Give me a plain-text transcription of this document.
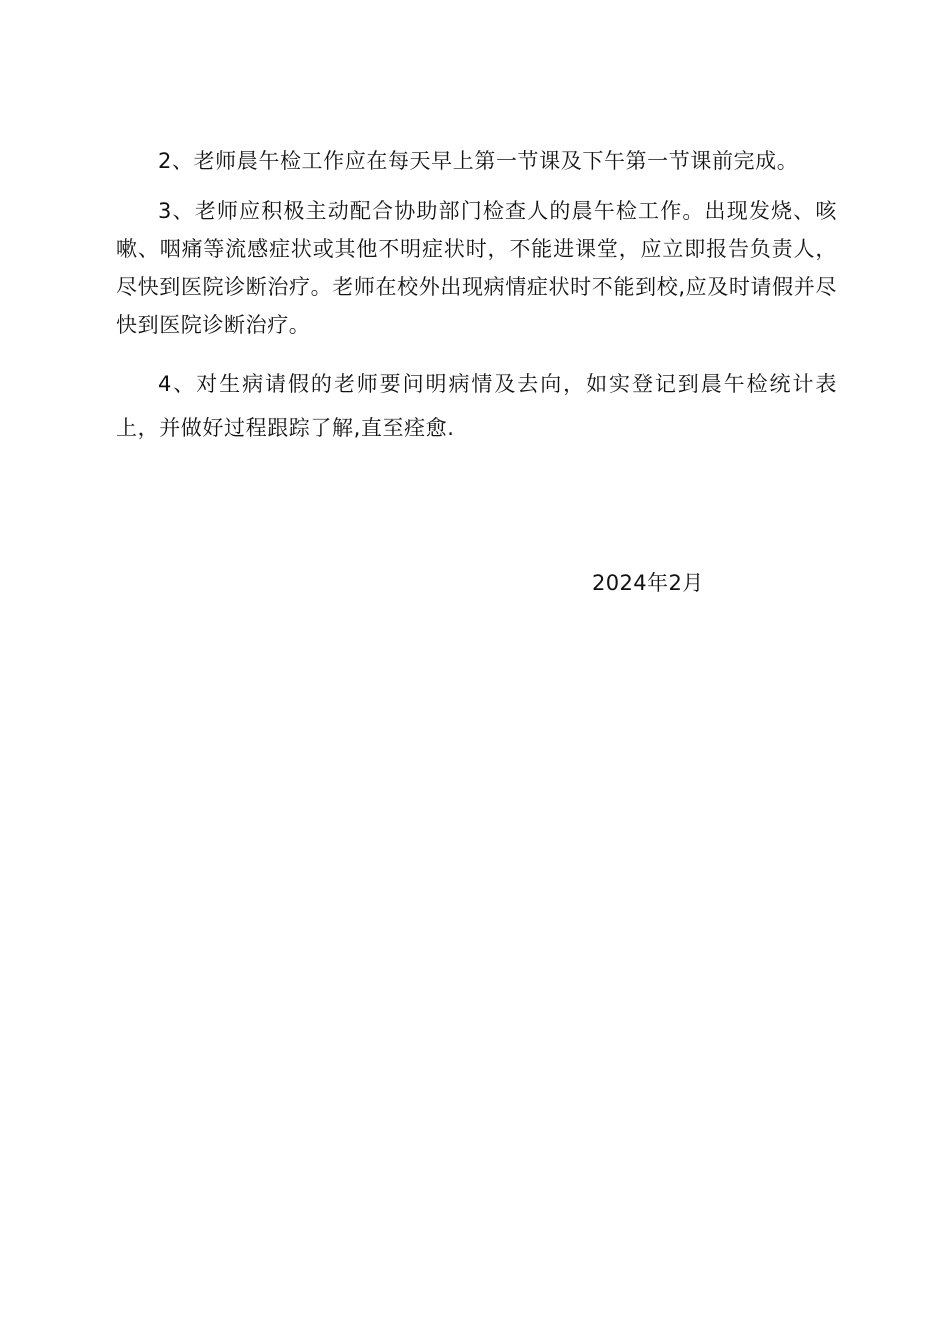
2、老师晨午检工作应在每天早上第一节课及下午第一节课前完成。

3、老师应积极主动配合协助部门检查人的晨午检工作。出现发烧、咳嗽、咽痛等流感症状或其他不明症状时，不能进课堂，应立即报告负责人，尽快到医院诊断治疗。老师在校外出现病情症状时不能到校,应及时请假并尽快到医院诊断治疗。

4、对生病请假的老师要问明病情及去向，如实登记到晨午检统计表上，并做好过程跟踪了解,直至痊愈.

2024年2月
